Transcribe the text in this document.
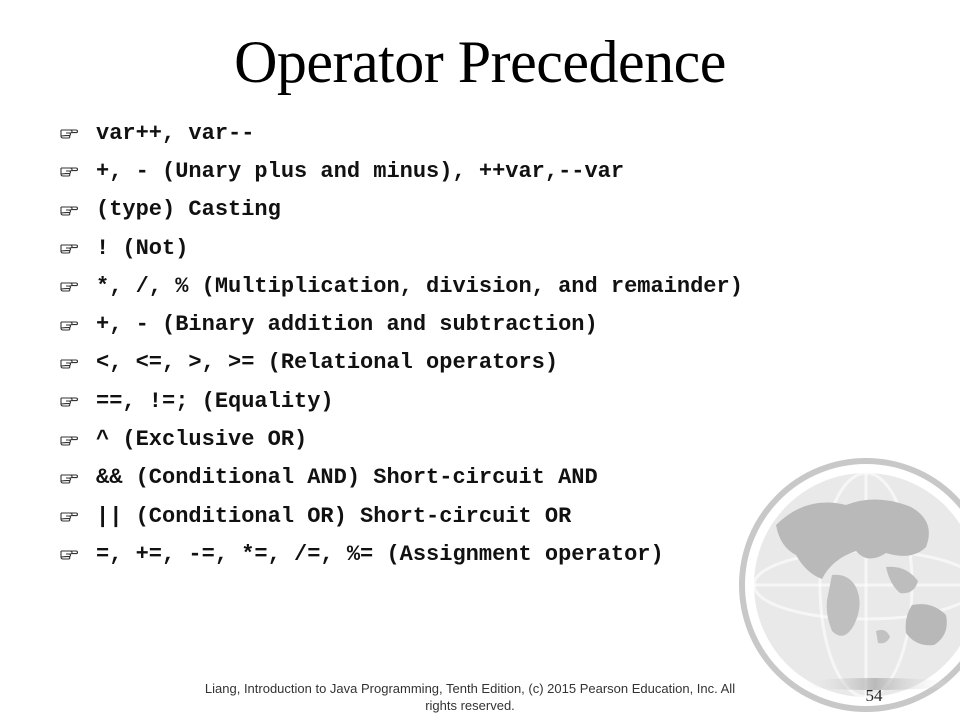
Operator Precedence
var++, var--
+, - (Unary plus and minus), ++var,--var
(type) Casting
! (Not)
*, /, % (Multiplication, division, and remainder)
+, - (Binary addition and subtraction)
<, <=, >, >= (Relational operators)
==, !=; (Equality)
^ (Exclusive OR)
&& (Conditional AND) Short-circuit AND
|| (Conditional OR) Short-circuit OR
=, +=, -=, *=, /=, %= (Assignment operator)
Liang, Introduction to Java Programming, Tenth Edition, (c) 2015 Pearson Education, Inc. All rights reserved.
54
